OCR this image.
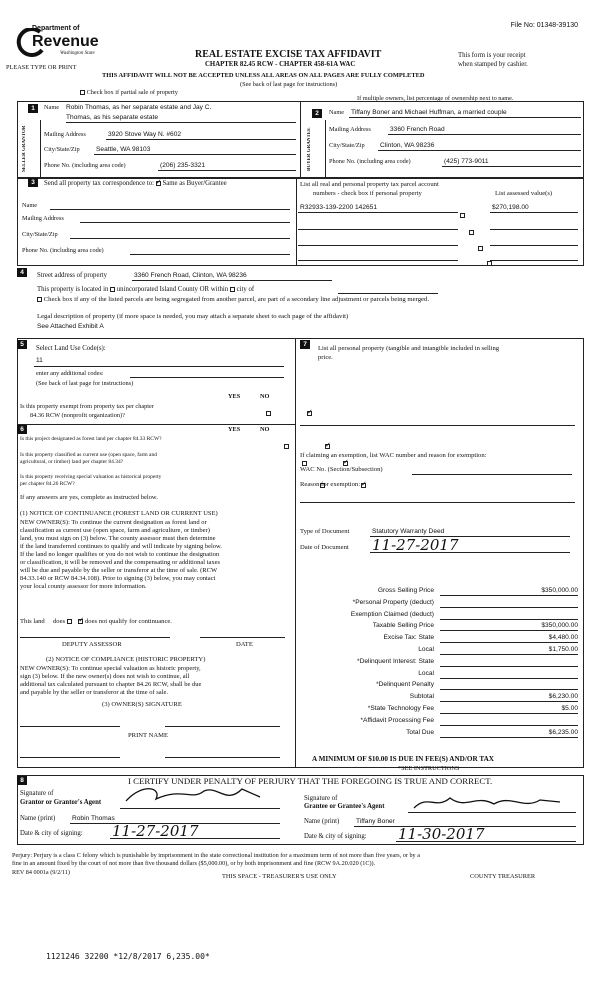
File No: 01348-39130
Department of
Revenue
Washington State
PLEASE TYPE OR PRINT
REAL ESTATE EXCISE TAX AFFIDAVIT
CHAPTER 82.45 RCW - CHAPTER 458-61A WAC
This form is your receipt
when stamped by cashier.
THIS AFFIDAVIT WILL NOT BE ACCEPTED UNLESS ALL AREAS ON ALL PAGES ARE FULLY COMPLETED
(See back of last page for instructions)
Check box if partial sale of property
If multiple owners, list percentage of ownership next to name.
1
2
SELLER GRANTOR	BUYER GRANTEE
Name Robin Thomas, as her separate estate and Jay C.
Thomas, as his separate estate
Mailing Address	3920 Stove Way N. #602
City/State/Zip Seattle, WA 98103
Phone No. (including area code)	(206) 235-3321
Name Tiffany Boner and Michael Huffman, a married couple
Mailing Address	3360 French Road
City/State/Zip Clinton, WA 98236
Phone No. (including area code)	(425) 773-9011
3	Send all property tax correspondence to: ✓ Same as Buyer/Grantee
Name
Mailing Address
City/State/Zip
Phone No. (including area code)
List all real and personal property tax parcel account
numbers - check box if personal property	List assessed value(s)
R32933-139-2200 142651	$270,198.00

4	Street address of property	3360 French Road, Clinton, WA 98236
This property is located in unincorporated Island County OR within city of
Check box if any of the listed parcels are being segregated from another parcel, are part of a secondary line adjustment or parcels being merged.
Legal description of property (if more space is needed, you may attach a separate sheet to each page of the affidavit)
See Attached Exhibit A
5	7
Select Land Use Code(s):
11
enter any additional codes:
(See back of last page for instructions)
YES	NO
Is this property exempt from property tax per chapter
84.36 RCW (nonprofit organization)?
✓
6	YES	NO
Is this project designated as forest land per chapter 84.33 RCW?
✓
Is this property classified as current use (open space, farm and
agricultural, or timber) land per chapter 84.34?
✓
Is this property receiving special valuation as historical property
per chapter 84.26 RCW?
✓
If any answers are yes, complete as instructed below.
(1) NOTICE OF CONTINUANCE (FOREST LAND OR CURRENT USE)
NEW OWNER(S): To continue the current designation as forest land or
classification as current use (open space, farm and agriculture, or timber)
land, you must sign on (3) below. The county assessor must then determine
if the land transferred continues to qualify and will indicate by signing below.
If the land no longer qualifies or you do not wish to continue the designation
or classification, it will be removed and the compensating or additional taxes
will be due and payable by the seller or transferor at the time of sale. (RCW
84.33.140 or RCW 84.34.108). Prior to signing (3) below, you may contact
your local county assessor for more information.
This land does ✓	does not qualify for continuance.
DEPUTY ASSESSOR	DATE
(2) NOTICE OF COMPLIANCE (HISTORIC PROPERTY)
NEW OWNER(S): To continue special valuation as historic property,
sign (3) below. If the new owner(s) does not wish to continue, all
additional tax calculated pursuant to chapter 84.26 RCW, shall be due
and payable by the seller or transferor at the time of sale.
(3) OWNER(S) SIGNATURE
PRINT NAME
List all personal property (tangible and intangible included in selling
price.
If claiming an exemption, list WAC number and reason for exemption:
WAC No. (Section/Subsection)
Reason for exemption:
Type of Document	Statutory Warranty Deed
Date of Document 11-27-2017
Gross Selling Price	$350,000.00
*Personal Property (deduct)
Exemption Claimed (deduct)
Taxable Selling Price	$350,000.00
Excise Tax: State	$4,480.00
Local	$1,750.00
*Delinquent Interest: State
Local
*Delinquent Penalty
Subtotal	$6,230.00
*State Technology Fee	$5.00
*Affidavit Processing Fee
Total Due	$6,235.00
A MINIMUM OF $10.00 IS DUE IN FEE(S) AND/OR TAX
*SEE INSTRUCTIONS
8	I CERTIFY UNDER PENALTY OF PERJURY THAT THE FOREGOING IS TRUE AND CORRECT.
Signature of
Grantor or Grantor's Agent
Name (print)	Robin Thomas
Date & city of signing: 11-27-2017
Signature of
Grantee or Grantee's Agent
Name (print)	Tiffany Boner
Date & city of signing: 11-30-2017
Perjury: Perjury is a class C felony which is punishable by imprisonment in the state correctional institution for a maximum term of not more than five years, or by a
fine in an amount fixed by the court of not more than five thousand dollars ($5,000.00), or by both imprisonment and fine (RCW 9A.20.020 (1C)).
REV 84 0001a (9/2/11)
THIS SPACE - TREASURER'S USE ONLY	COUNTY TREASURER
1121246 32200 *12/8/2017 6,235.00*
